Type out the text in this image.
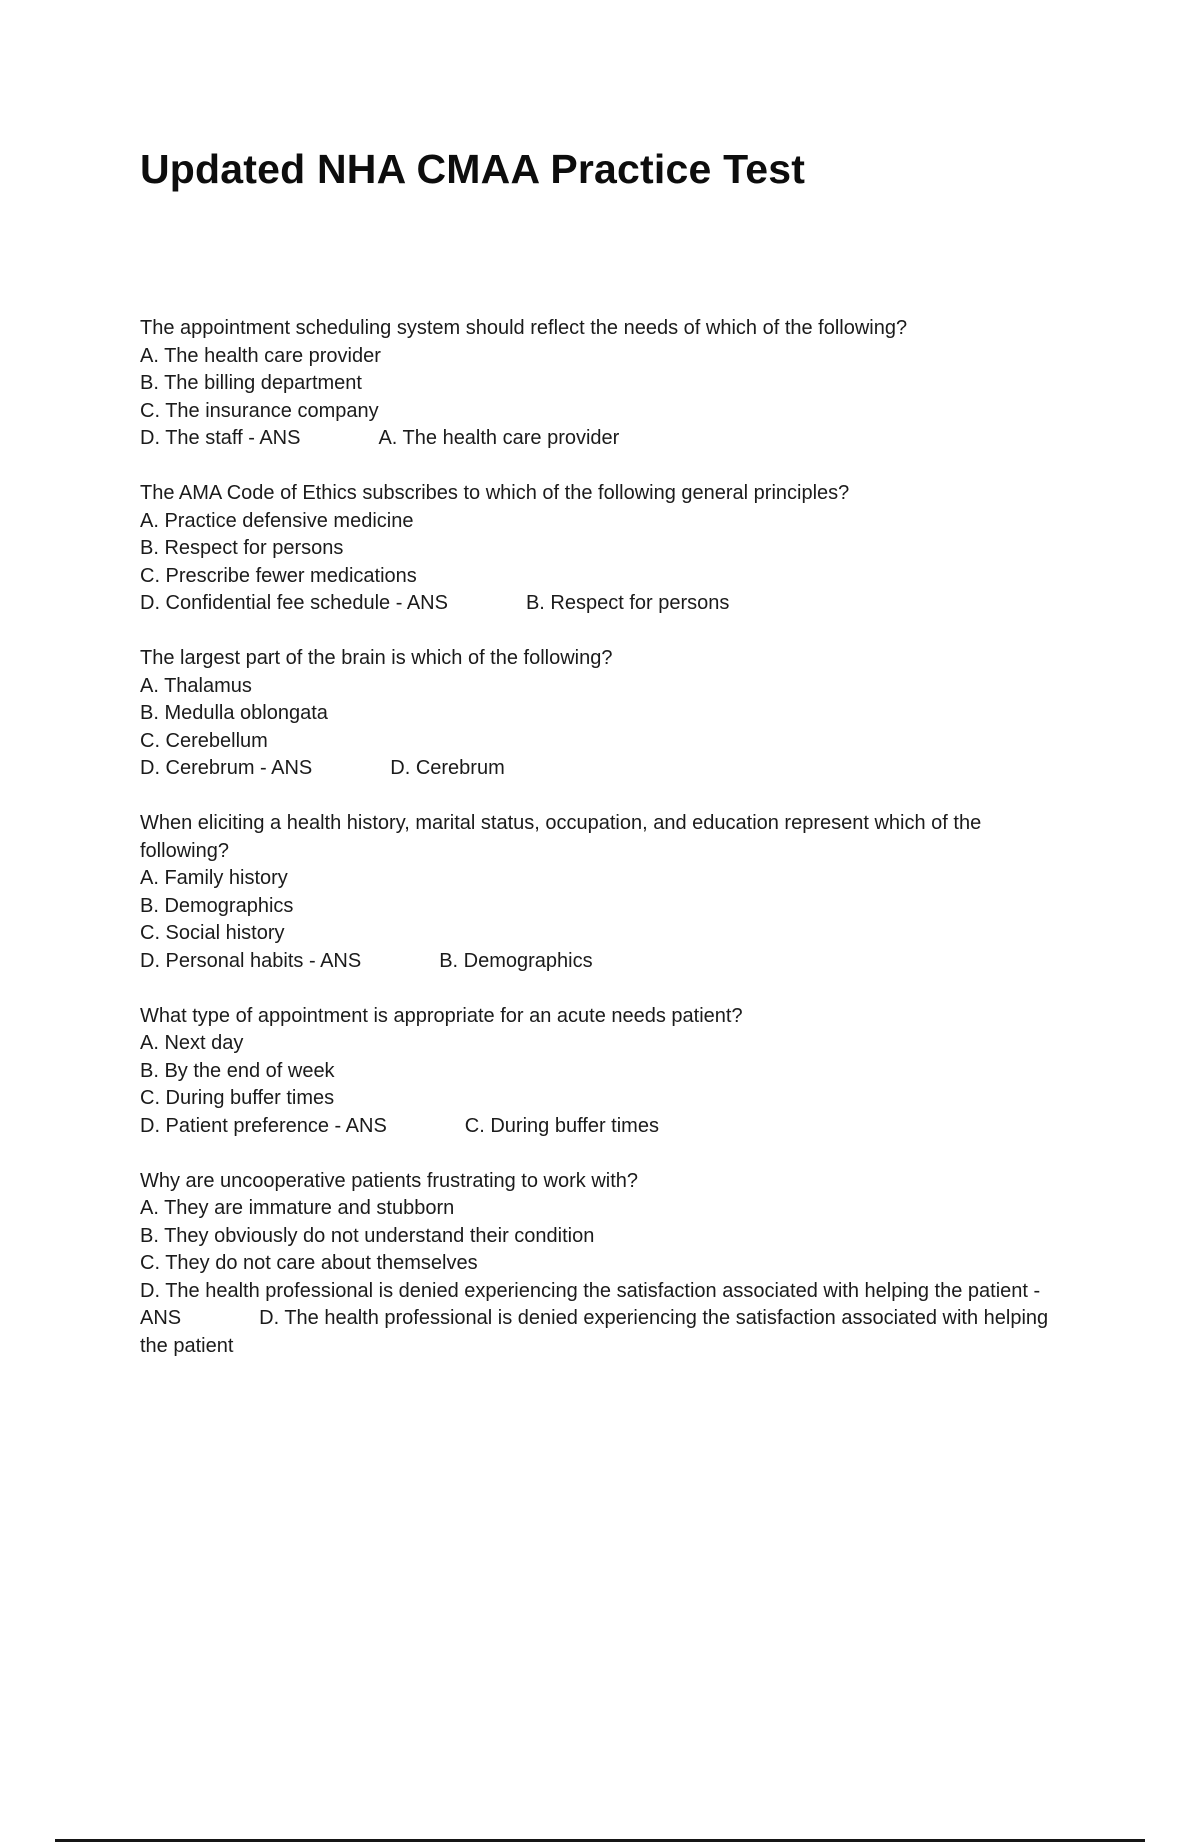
Updated NHA CMAA Practice Test

The appointment scheduling system should reflect the needs of which of the following?

A. The health care provider

B. The billing department

C. The insurance company

D. The staff - ANS	A. The health care provider

The AMA Code of Ethics subscribes to which of the following general principles?

A. Practice defensive medicine

B. Respect for persons

C. Prescribe fewer medications

D. Confidential fee schedule - ANS	B. Respect for persons

The largest part of the brain is which of the following?

A. Thalamus

B. Medulla oblongata

C. Cerebellum

D. Cerebrum - ANS	D. Cerebrum

When eliciting a health history, marital status, occupation, and education represent which of the following?

A. Family history

B. Demographics

C. Social history

D. Personal habits - ANS	B. Demographics

What type of appointment is appropriate for an acute needs patient?

A. Next day

B. By the end of week

C. During buffer times

D. Patient preference - ANS	C. During buffer times

Why are uncooperative patients frustrating to work with?

A. They are immature and stubborn

B. They obviously do not understand their condition

C. They do not care about themselves

D. The health professional is denied experiencing the satisfaction associated with helping the patient - ANS	D. The health professional is denied experiencing the satisfaction associated with helping the patient
